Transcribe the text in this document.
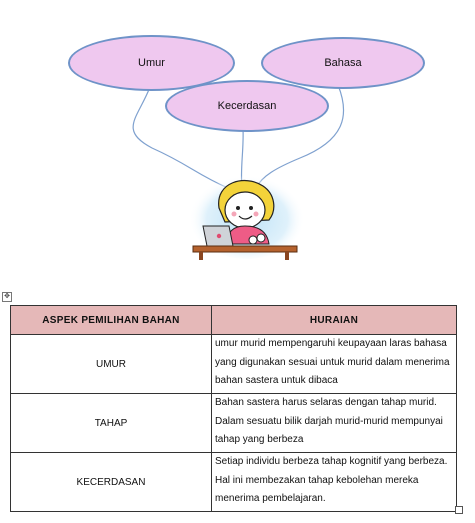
Umur	Bahasa
Kecerdasan
✥
ASPEK PEMILIHAN BAHAN	HURAIAN
UMUR	umur murid mempengaruhi keupayaan laras bahasa yang digunakan sesuai untuk murid dalam menerima bahan sastera untuk dibaca
TAHAP	Bahan sastera harus selaras dengan tahap murid. Dalam sesuatu bilik darjah murid-murid mempunyai tahap yang berbeza
KECERDASAN	Setiap individu berbeza tahap kognitif yang berbeza. Hal ini membezakan tahap kebolehan mereka menerima pembelajaran.
